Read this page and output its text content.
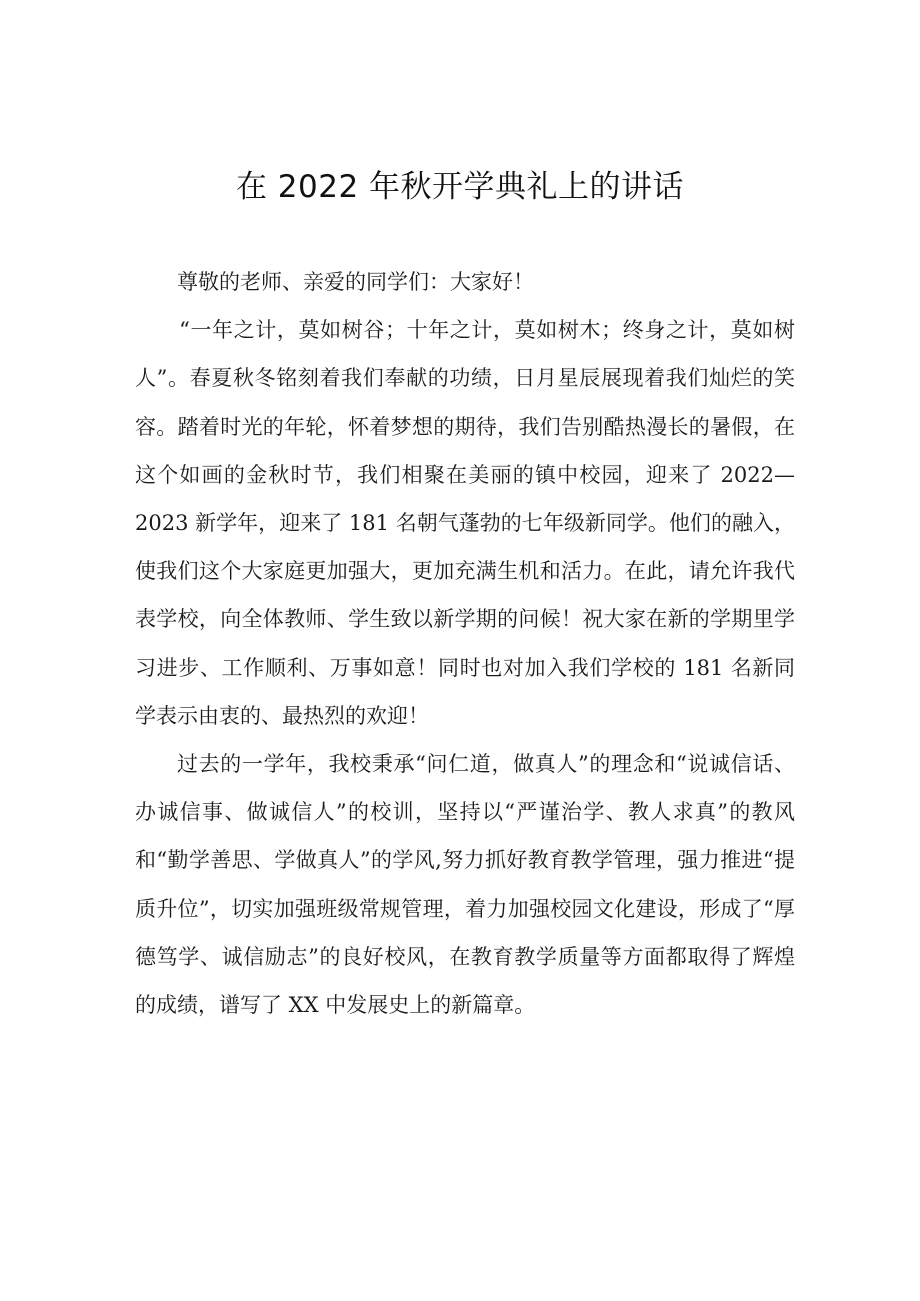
在 2022 年秋开学典礼上的讲话

尊敬的老师、亲爱的同学们：大家好！

“一年之计，莫如树谷；十年之计，莫如树木；终身之计，莫如树人”。春夏秋冬铭刻着我们奉献的功绩，日月星辰展现着我们灿烂的笑容。踏着时光的年轮，怀着梦想的期待，我们告别酷热漫长的暑假，在这个如画的金秋时节，我们相聚在美丽的镇中校园，迎来了 2022—2023 新学年，迎来了 181 名朝气蓬勃的七年级新同学。他们的融入，使我们这个大家庭更加强大，更加充满生机和活力。在此，请允许我代表学校，向全体教师、学生致以新学期的问候！祝大家在新的学期里学习进步、工作顺利、万事如意！同时也对加入我们学校的 181 名新同学表示由衷的、最热烈的欢迎！

过去的一学年，我校秉承“问仁道，做真人”的理念和“说诚信话、办诚信事、做诚信人”的校训，坚持以“严谨治学、教人求真”的教风和“勤学善思、学做真人”的学风,努力抓好教育教学管理，强力推进“提质升位”，切实加强班级常规管理，着力加强校园文化建设，形成了“厚德笃学、诚信励志”的良好校风，在教育教学质量等方面都取得了辉煌的成绩，谱写了 XX 中发展史上的新篇章。
